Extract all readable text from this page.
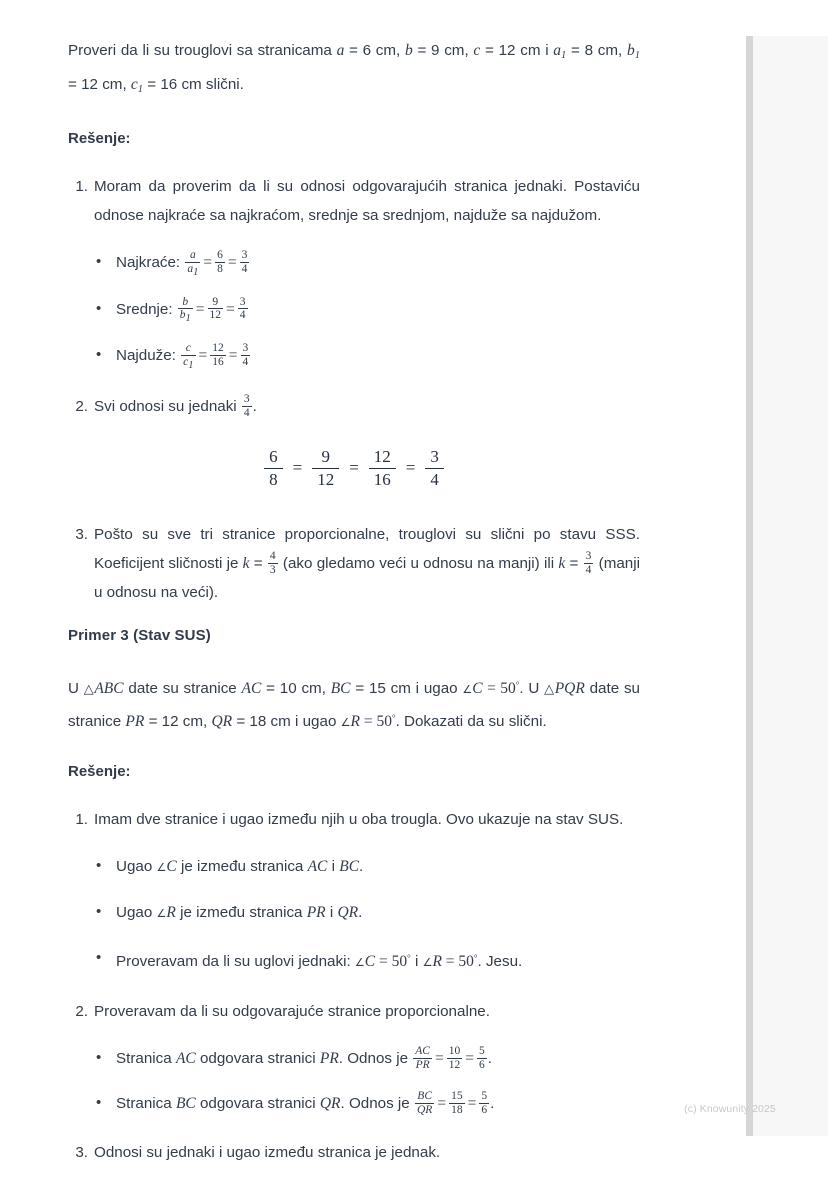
Proveri da li su trouglovi sa stranicama a = 6 cm, b = 9 cm, c = 12 cm i $a_1 = 8$ cm, $b_1 = 12$ cm, $c_1 = 16$ cm slični.

Rešenje:
1. Moram da proverim da li su odnosi odgovarajućih stranica jednaki. Postaviću odnose najkraće sa najkraćom, srednje sa srednjom, najduže sa najdužom.
• Najkraće: $\frac{a}{a1} = \frac{6}{8} = \frac{3}{4}$
• Srednje: $\frac{b}{b1} = \frac{9}{12} = \frac{3}{4}$
• Najduže: $\frac{c}{c1} = \frac{12}{16} = \frac{3}{4}$
2. Svi odnosi su jednaki $\frac{3}{4}$ .
$\frac{6}{8} = \frac{9}{12} = \frac{12}{16} = \frac{3}{4}$
3. Pošto su sve tri stranice proporcionalne, trouglovi su slični po stavu SSS. Koeficijent sličnosti je $k = \frac{4}{3} (ako$ gledamo veći u odnosu na manji) ili $k = \frac{3}{4}$ (manji u odnosu na veći).
Primer 3 (Stav SUS)

U △ABC date su stranice AC = 10 cm, BC = 15 cm i ugao ∠C = 50°. U △PQR date su stranice PR = 12 cm, QR = 18 cm i ugao ∠R = 50°. Dokazati da su slični.

Rešenje:
1. Imam dve stranice i ugao između njih u oba trougla. Ovo ukazuje na stav SUS.
• Ugao ∠C je između stranica AC i BC.
• Ugao ∠R je između stranica PR i QR.
• Proveravam da li su uglovi jednaki: ∠C = 50° i ∠R = 50°. Jesu.
2. Proveravam da li su odgovarajuće stranice proporcionalne.
• Stranica AC odgovara stranici PR. Odnos je $\frac{AC}{PR} = \frac{10}{12} = \frac{5}{6}$ .
• Stranica BC odgovara stranici QR. Odnos je $\frac{BC}{QR} = \frac{15}{18} = \frac{5}{6}$ .
3. Odnosi su jednaki i ugao između stranica je jednak.
(c) Knowunity 2025
